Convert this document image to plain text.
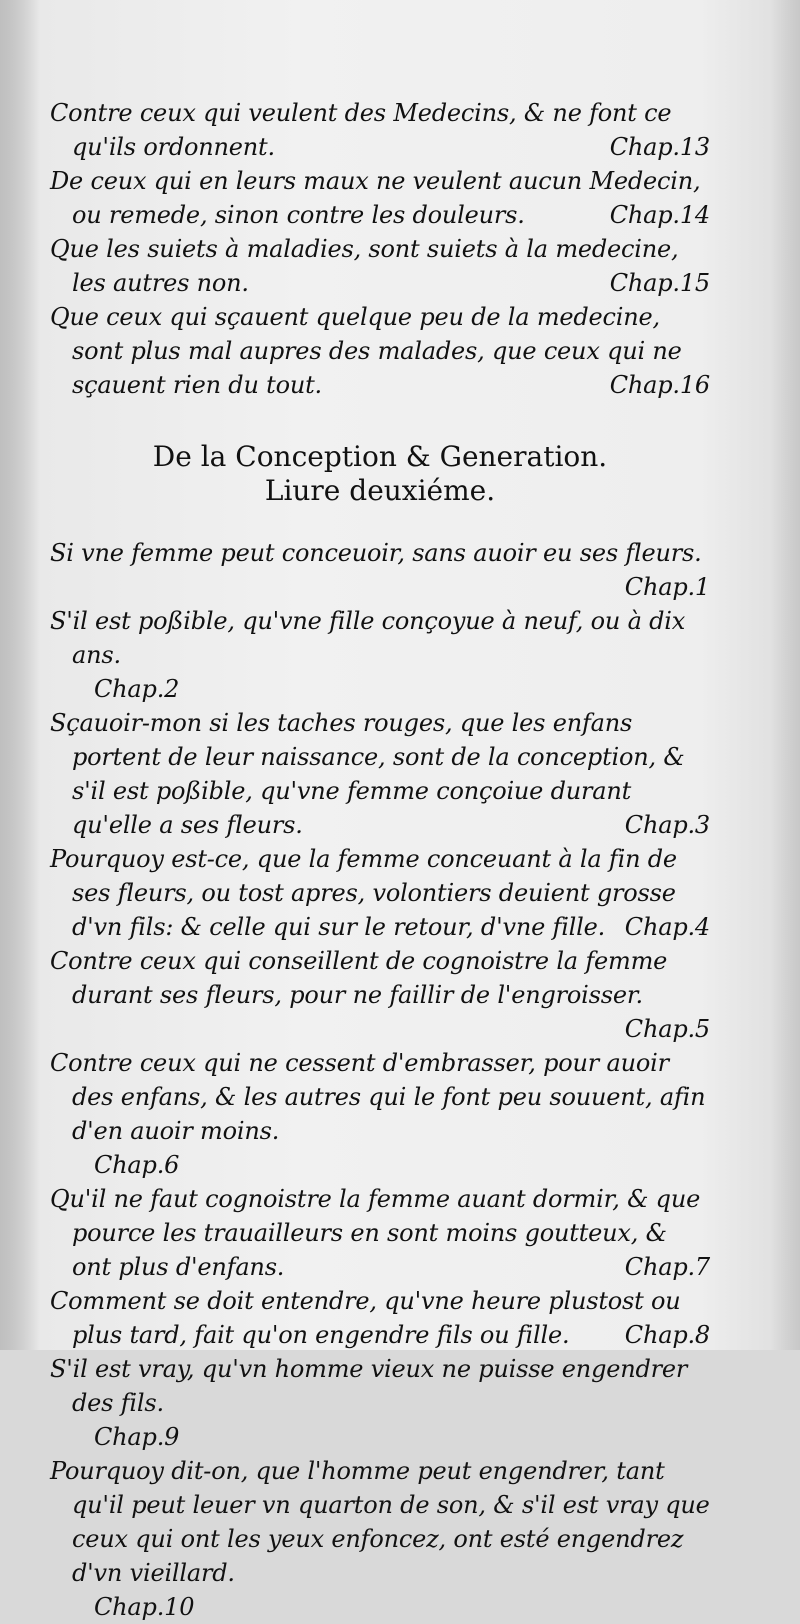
Contre ceux qui veulent des Medecins, & ne font ce qu'ils ordonnent.	Chap.13
De ceux qui en leurs maux ne veulent aucun Medecin, ou remede, sinon contre les douleurs.	Chap.14
Que les suiets à maladies, sont suiets à la medecine, les autres non.	Chap.15
Que ceux qui sçauent quelque peu de la medecine, sont plus mal aupres des malades, que ceux qui ne sçauent rien du tout.	Chap.16
De la Conception & Generation.
Liure deuxiéme.
Si vne femme peut conceuoir, sans auoir eu ses fleurs.
Chap.1
S'il est poßible, qu'vne fille conçoyue à neuf, ou à dix ans.
Chap.2
Sçauoir-mon si les taches rouges, que les enfans portent de leur naissance, sont de la conception, & s'il est poßible, qu'vne femme conçoiue durant qu'elle a ses fleurs.	Chap.3
Pourquoy est-ce, que la femme conceuant à la fin de ses fleurs, ou tost apres, volontiers deuient grosse d'vn fils: & celle qui sur le retour, d'vne fille. Chap.4
Contre ceux qui conseillent de cognoistre la femme durant ses fleurs, pour ne faillir de l'engroisser.
Chap.5
Contre ceux qui ne cessent d'embrasser, pour auoir des enfans, & les autres qui le font peu souuent, afin d'en auoir moins.
Chap.6
Qu'il ne faut cognoistre la femme auant dormir, & que pource les trauailleurs en sont moins goutteux, & ont plus d'enfans.	Chap.7
Comment se doit entendre, qu'vne heure plustost ou plus tard, fait qu'on engendre fils ou fille. Chap.8
S'il est vray, qu'vn homme vieux ne puisse engendrer des fils.
Chap.9
Pourquoy dit-on, que l'homme peut engendrer, tant qu'il peut leuer vn quarton de son, & s'il est vray que ceux qui ont les yeux enfoncez, ont esté engendrez d'vn vieillard.
Chap.10
